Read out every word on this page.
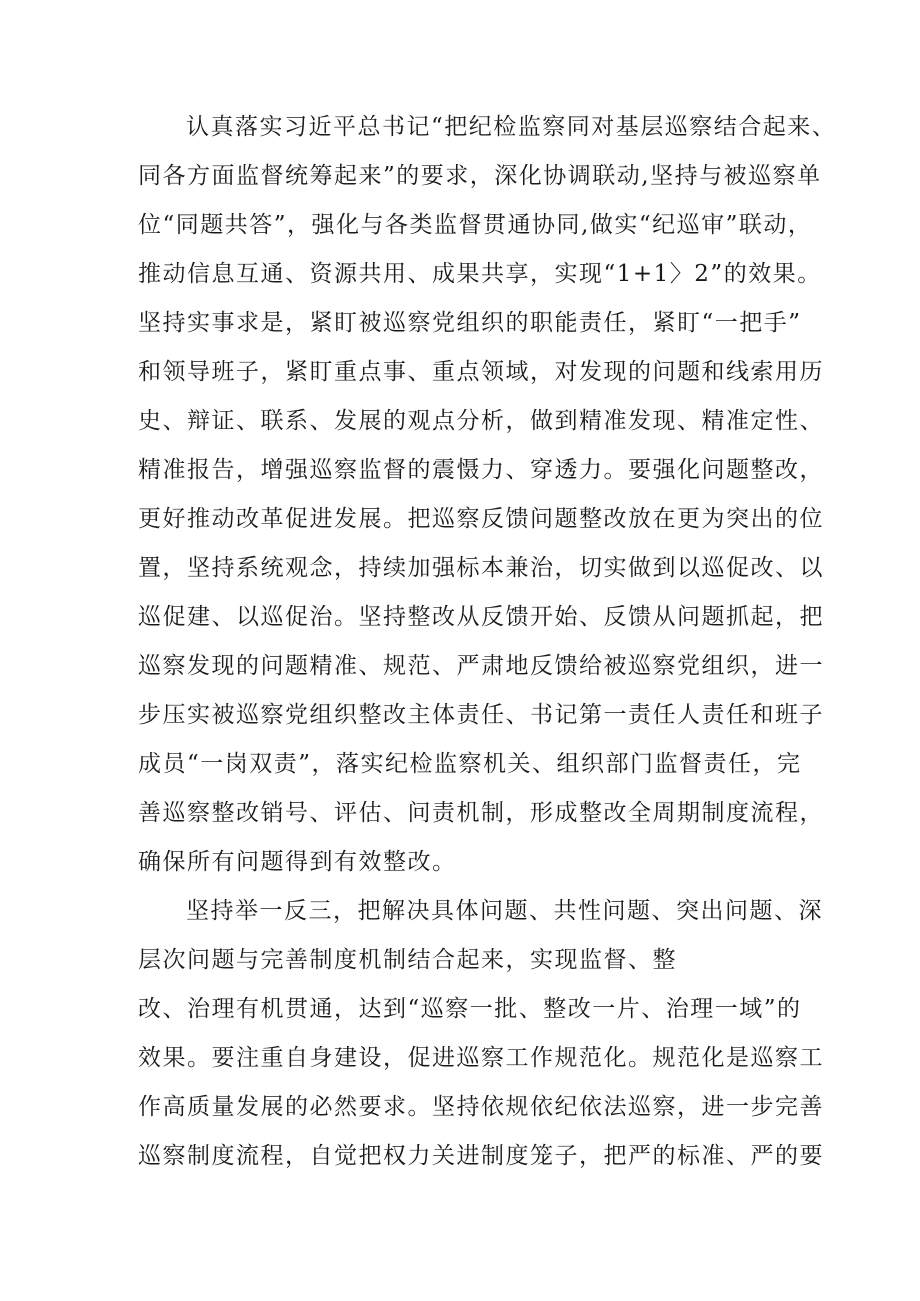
认真落实习近平总书记“把纪检监察同对基层巡察结合起来、
同各方面监督统筹起来”的要求，深化协调联动,坚持与被巡察单
位“同题共答”，强化与各类监督贯通协同,做实“纪巡审”联动，
推动信息互通、资源共用、成果共享，实现“1+1〉2”的效果。
坚持实事求是，紧盯被巡察党组织的职能责任，紧盯“一把手”
和领导班子，紧盯重点事、重点领域，对发现的问题和线索用历
史、辩证、联系、发展的观点分析，做到精准发现、精准定性、
精准报告，增强巡察监督的震慑力、穿透力。要强化问题整改，
更好推动改革促进发展。把巡察反馈问题整改放在更为突出的位
置，坚持系统观念，持续加强标本兼治，切实做到以巡促改、以
巡促建、以巡促治。坚持整改从反馈开始、反馈从问题抓起，把
巡察发现的问题精准、规范、严肃地反馈给被巡察党组织，进一
步压实被巡察党组织整改主体责任、书记第一责任人责任和班子
成员“一岗双责”，落实纪检监察机关、组织部门监督责任，完
善巡察整改销号、评估、问责机制，形成整改全周期制度流程，
确保所有问题得到有效整改。
坚持举一反三，把解决具体问题、共性问题、突出问题、深
层次问题与完善制度机制结合起来，实现监督、整
改、治理有机贯通，达到“巡察一批、整改一片、治理一域”的
效果。要注重自身建设，促进巡察工作规范化。规范化是巡察工
作高质量发展的必然要求。坚持依规依纪依法巡察，进一步完善
巡察制度流程，自觉把权力关进制度笼子，把严的标准、严的要
